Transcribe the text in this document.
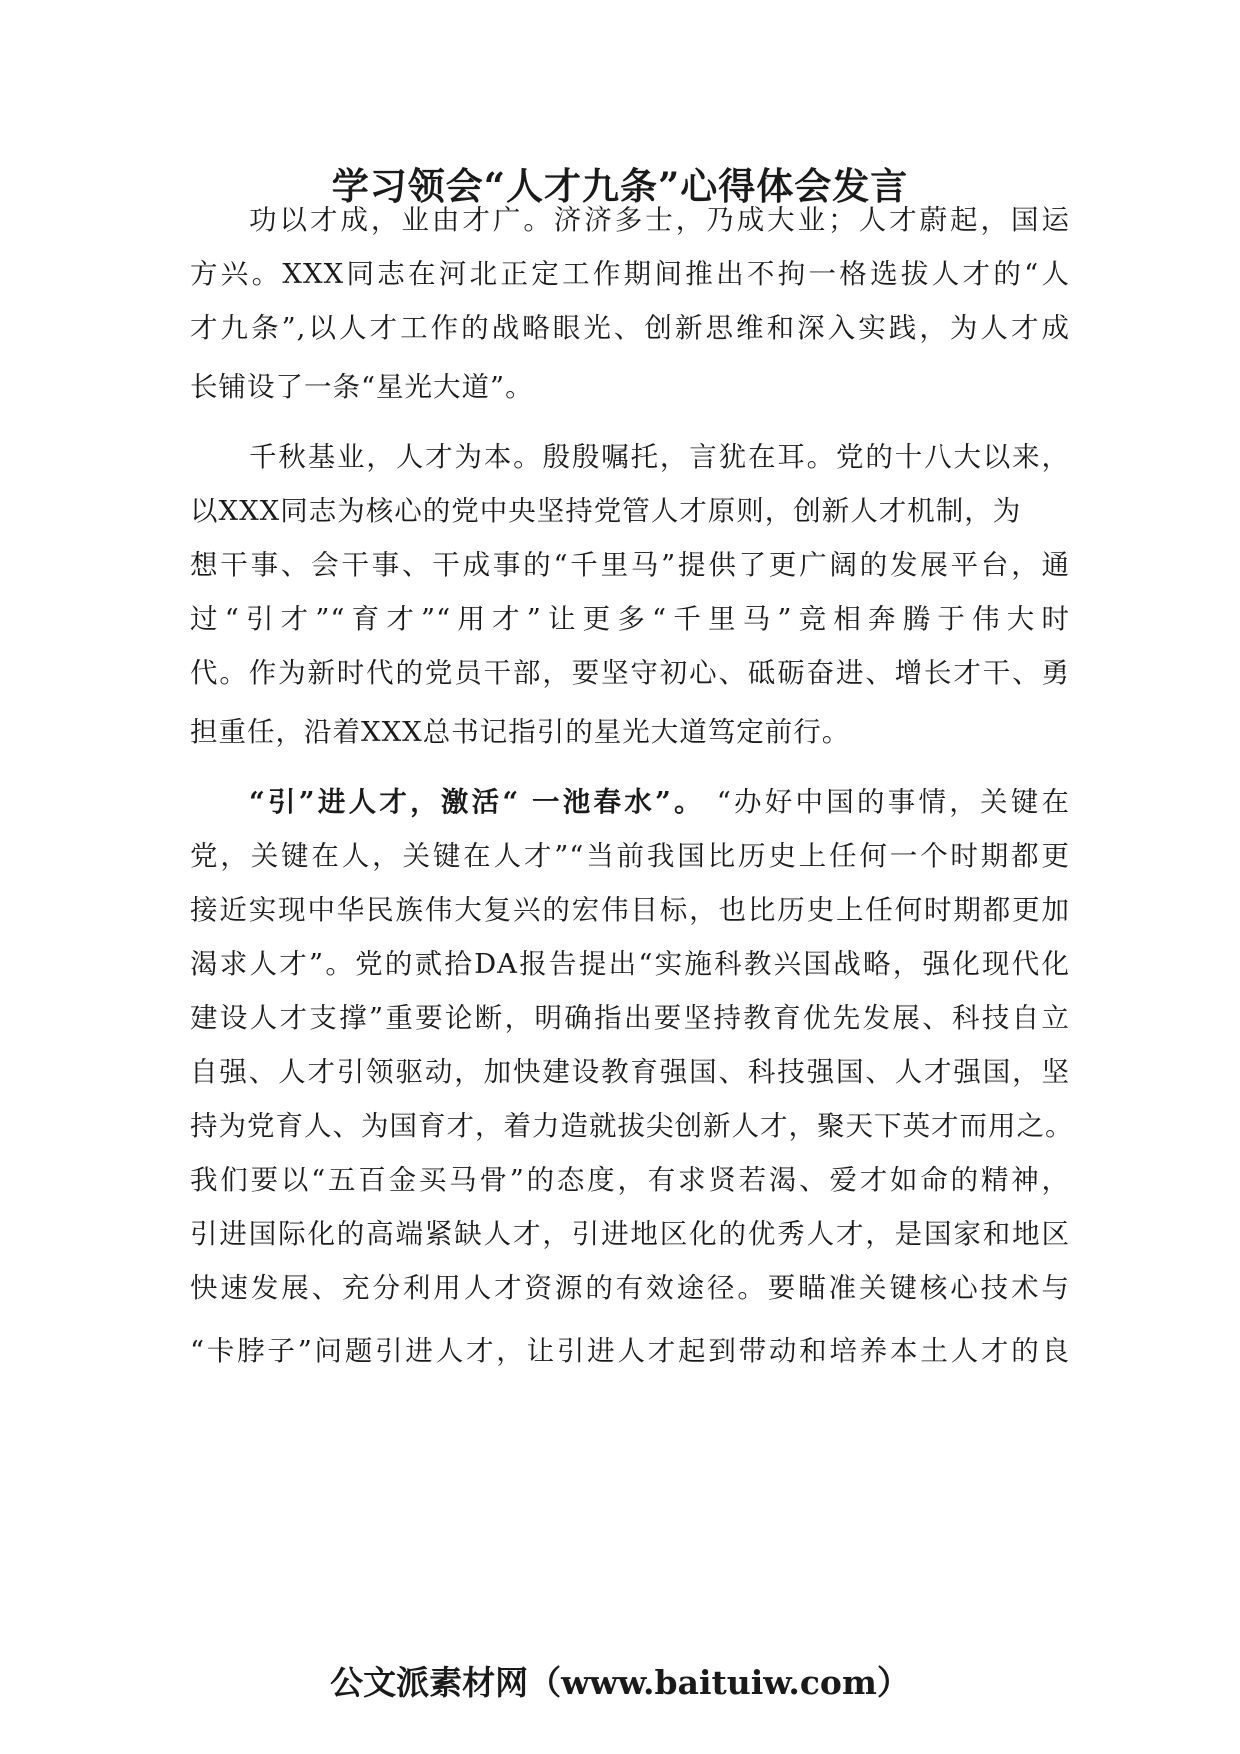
学习领会“人才九条”心得体会发言

功以才成，业由才广。济济多士，乃成大业；人才蔚起，国运

方兴。XXX同志在河北正定工作期间推出不拘一格选拔人才的“人

才九条”,以人才工作的战略眼光、创新思维和深入实践，为人才成

长铺设了一条“星光大道”。

千秋基业，人才为本。殷殷嘱托，言犹在耳。党的十八大以来，

以XXX同志为核心的党中央坚持党管人才原则，创新人才机制，为

想干事、会干事、干成事的“千里马”提供了更广阔的发展平台，通

过“引才”“育才”“用才”让更多“千里马”竞相奔腾于伟大时

代。作为新时代的党员干部，要坚守初心、砥砺奋进、增长才干、勇

担重任，沿着XXX总书记指引的星光大道笃定前行。

“引”进人才，激活“ 一池春水”。 “办好中国的事情，关键在

党，关键在人，关键在人才”“当前我国比历史上任何一个时期都更

接近实现中华民族伟大复兴的宏伟目标，也比历史上任何时期都更加

渴求人才”。党的贰拾DA报告提出“实施科教兴国战略，强化现代化

建设人才支撑”重要论断，明确指出要坚持教育优先发展、科技自立

自强、人才引领驱动，加快建设教育强国、科技强国、人才强国，坚

持为党育人、为国育才，着力造就拔尖创新人才，聚天下英才而用之。

我们要以“五百金买马骨”的态度，有求贤若渴、爱才如命的精神，

引进国际化的高端紧缺人才，引进地区化的优秀人才，是国家和地区

快速发展、充分利用人才资源的有效途径。要瞄准关键核心技术与

“卡脖子”问题引进人才，让引进人才起到带动和培养本土人才的良

公文派素材网（www.baituiw.com）
